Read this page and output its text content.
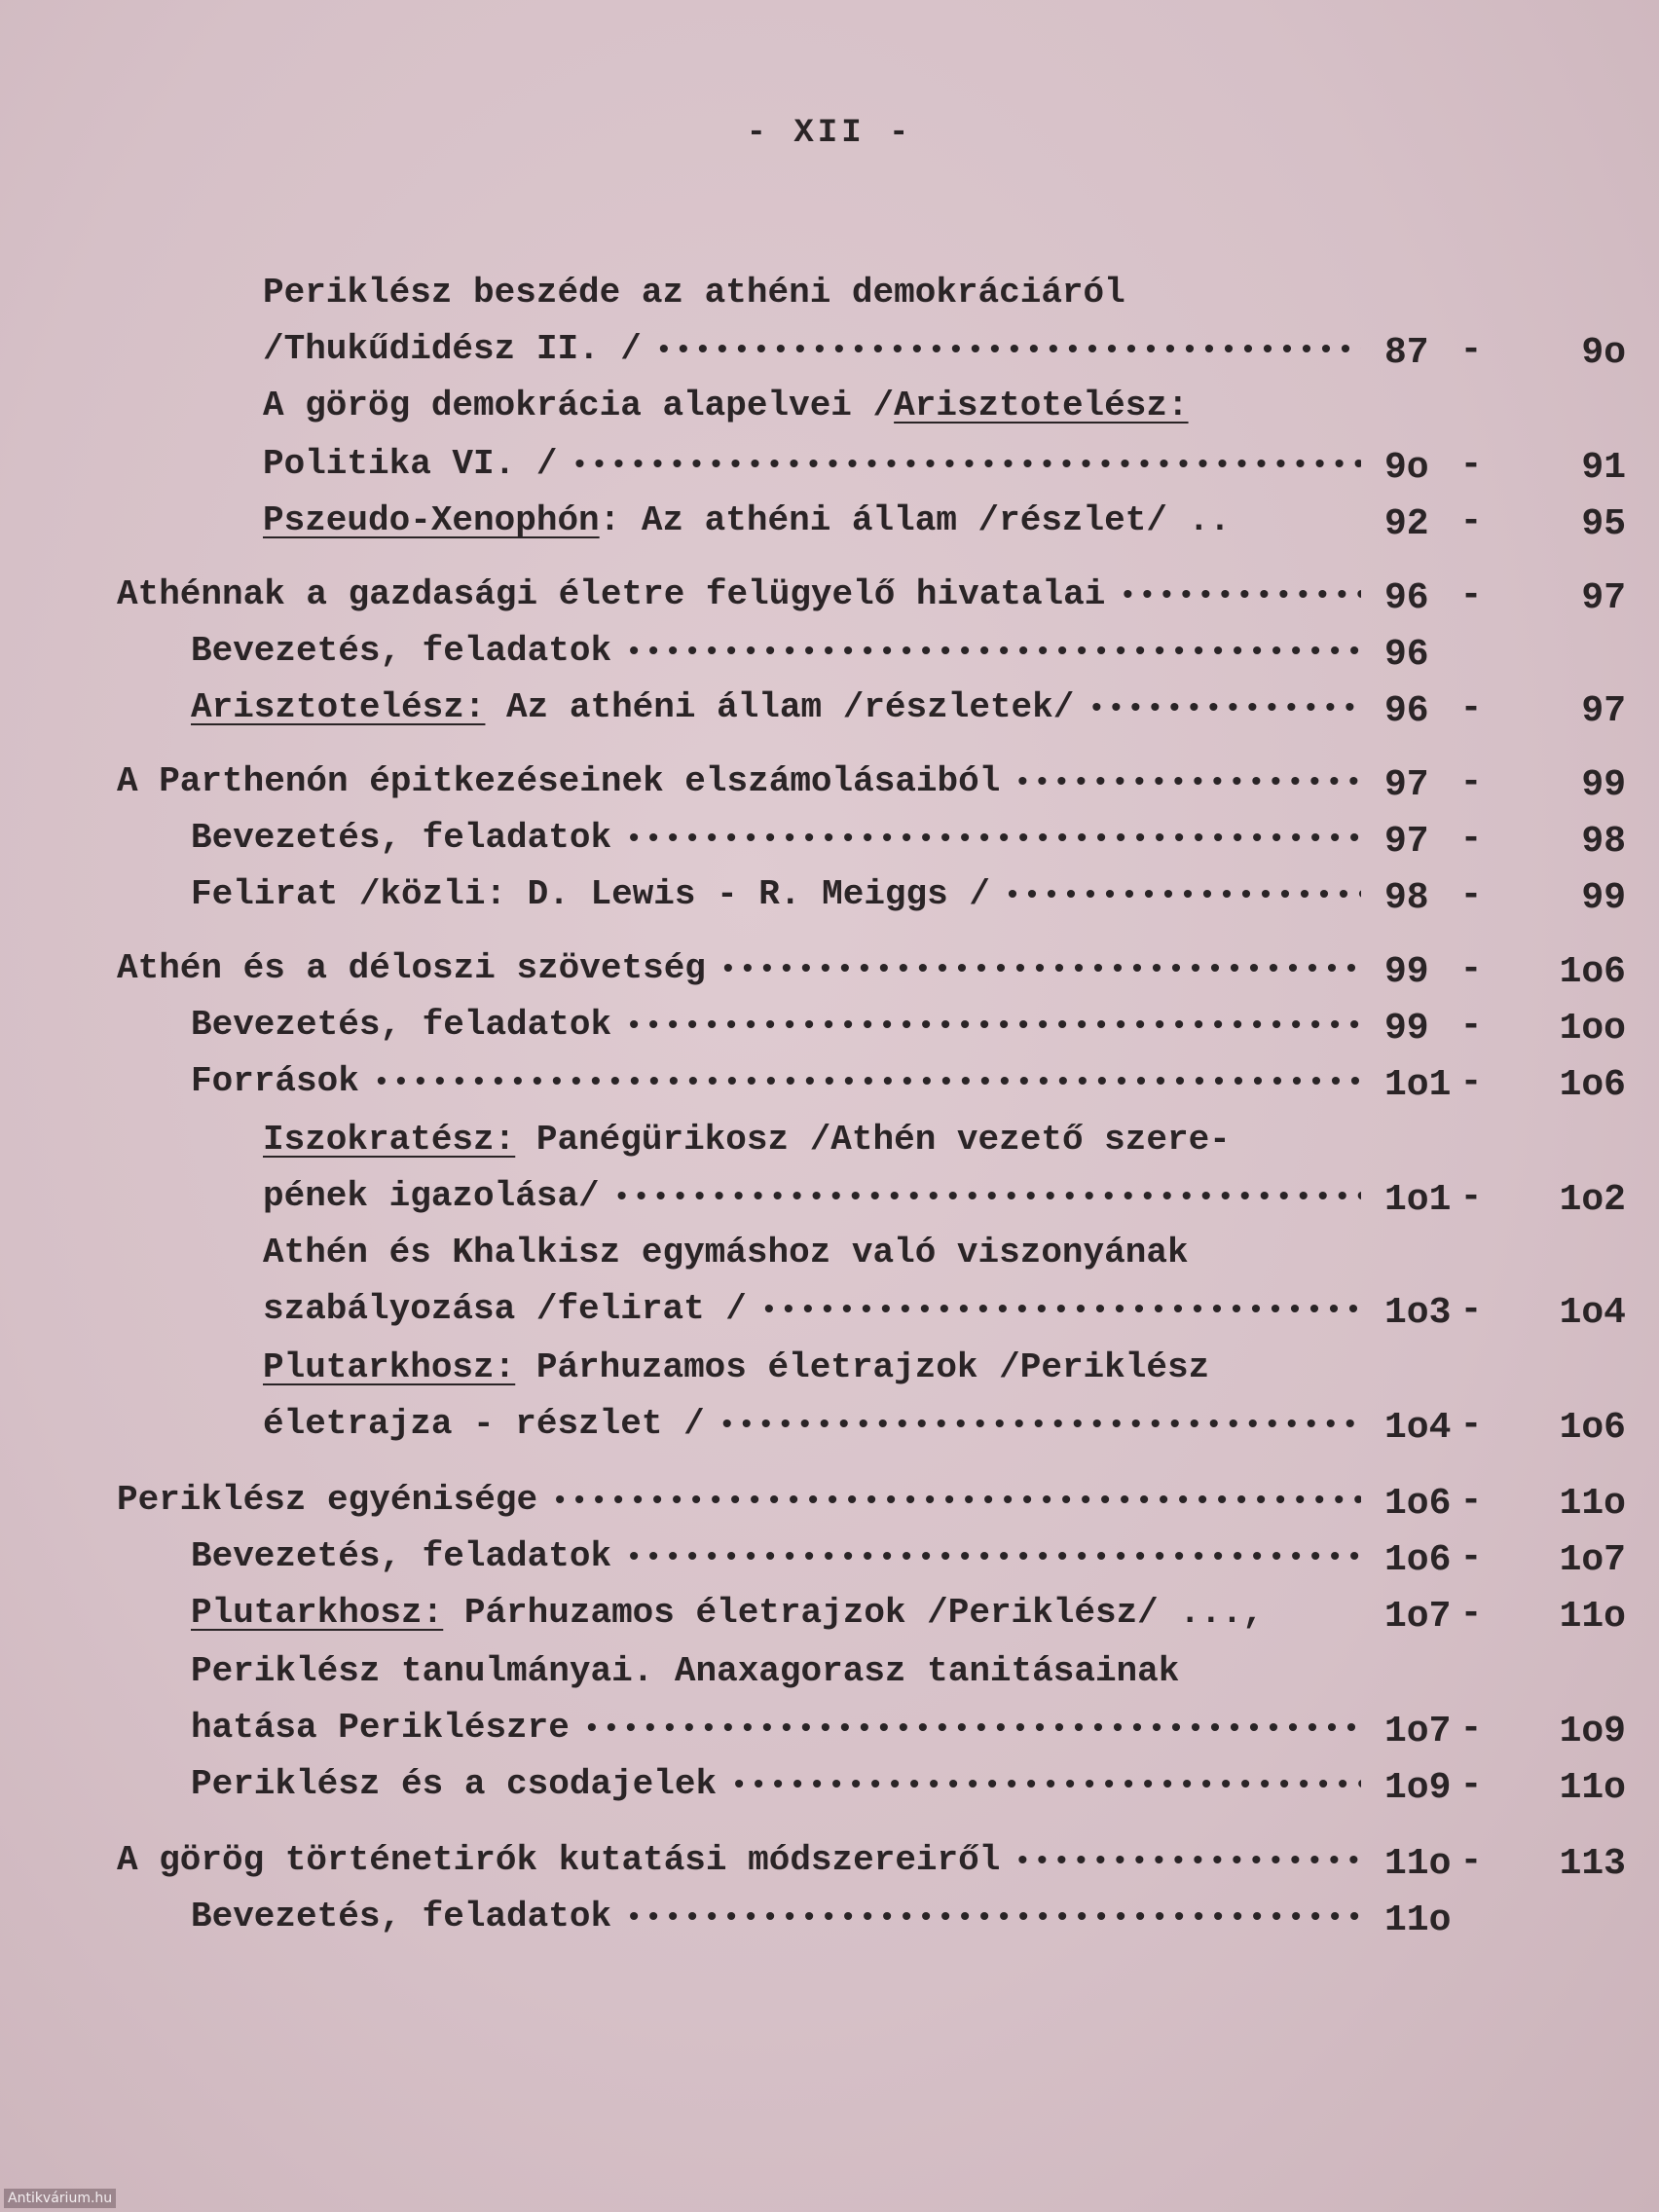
- XII -
Periklész beszéde az athéni demokráciáról
/Thukűdidész II. / •••••	87 -	9o
A görög demokrácia alapelvei / Arisztotelész:
Politika VI. / •••••	9o -	91
Pszeudo-Xenophón : Az athéni állam /részlet/ ..	92 -	95
Athénnak a gazdasági életre felügyelő hivatalai •••••	96 -	97
Bevezetés, feladatok •••••	96
Arisztotelész: Az athéni állam /részletek/ •••••	96 -	97
A Parthenón épitkezéseinek elszámolásaiból •••••	97 -	99
Bevezetés, feladatok •••••	97 -	98
Felirat /közli: D. Lewis - R. Meiggs / •••••	98 -	99
Athén és a déloszi szövetség •••••	99 -	1o6
Bevezetés, feladatok •••••	99 -	1oo
Források •••••	1o1 -	1o6
Iszokratész: Panégürikosz /Athén vezető szere-
pének igazolása/ •••••	1o1 -	1o2
Athén és Khalkisz egymáshoz való viszonyának
szabályozása /felirat / •••••	1o3 -	1o4
Plutarkhosz: Párhuzamos életrajzok /Periklész
életrajza - részlet / •••••	1o4 -	1o6
Periklész egyénisége •••••	1o6 -	11o
Bevezetés, feladatok •••••	1o6 -	1o7
Plutarkhosz: Párhuzamos életrajzok /Periklész/ ...,	1o7 -	11o
Periklész tanulmányai. Anaxagorasz tanitásainak
hatása Periklészre •••••	1o7 -	1o9
Periklész és a csodajelek •••••	1o9 -	11o
A görög történetirók kutatási módszereiről •••••	11o -	113
Bevezetés, feladatok •••••	11o
Antikvárium.hu
